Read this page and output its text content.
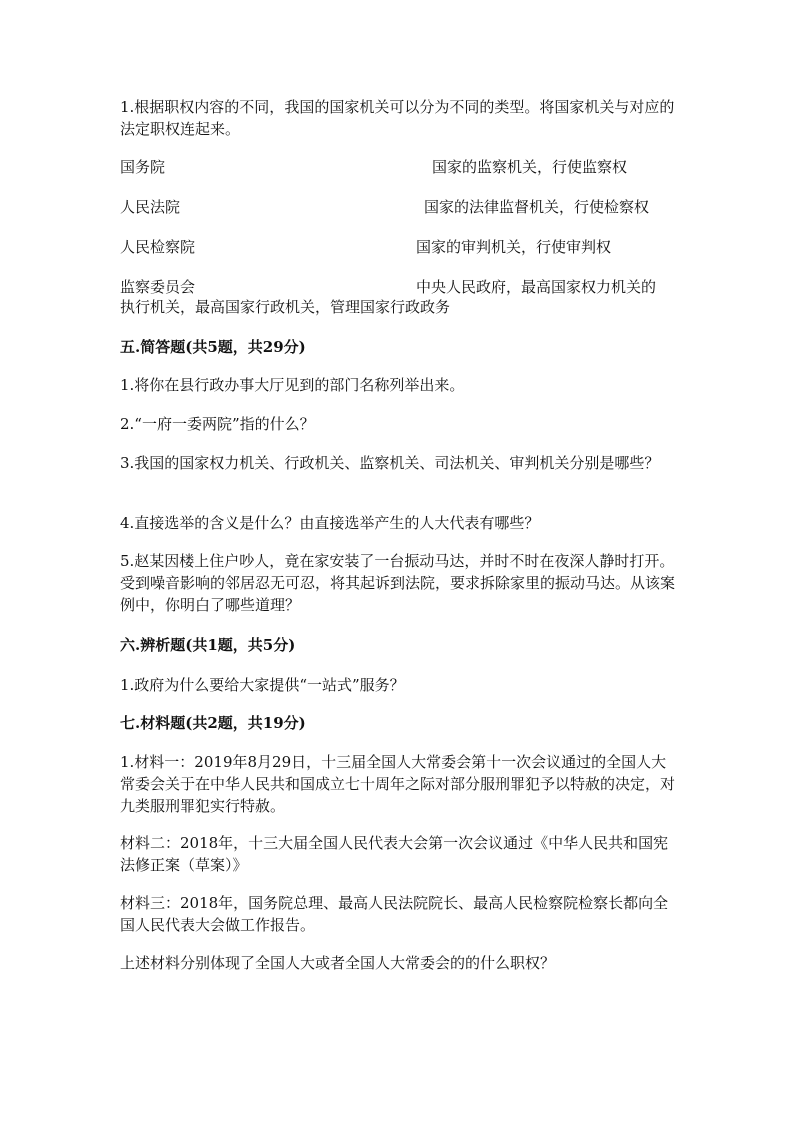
1.根据职权内容的不同，我国的国家机关可以分为不同的类型。将国家机关与对应的法定职权连起来。

国务院	国家的监察机关，行使监察权
人民法院	国家的法律监督机关，行使检察权
人民检察院	国家的审判机关，行使审判权
监察委员会	中央人民政府，最高国家权力机关的
执行机关，最高国家行政机关，管理国家行政政务
五.简答题(共5题，共29分)

1.将你在县行政办事大厅见到的部门名称列举出来。

2.“一府一委两院”指的什么？

3.我国的国家权力机关、行政机关、监察机关、司法机关、审判机关分别是哪些？

4.直接选举的含义是什么？由直接选举产生的人大代表有哪些？

5.赵某因楼上住户吵人，竟在家安装了一台振动马达，并时不时在夜深人静时打开。受到噪音影响的邻居忍无可忍，将其起诉到法院，要求拆除家里的振动马达。从该案例中，你明白了哪些道理？

六.辨析题(共1题，共5分)

1.政府为什么要给大家提供“一站式”服务？

七.材料题(共2题，共19分)

1.材料一：2019年8月29日，十三届全国人大常委会第十一次会议通过的全国人大常委会关于在中华人民共和国成立七十周年之际对部分服刑罪犯予以特赦的决定，对九类服刑罪犯实行特赦。

材料二：2018年，十三大届全国人民代表大会第一次会议通过《中华人民共和国宪法修正案（草案）》

材料三：2018年，国务院总理、最高人民法院院长、最高人民检察院检察长都向全国人民代表大会做工作报告。

上述材料分别体现了全国人大或者全国人大常委会的的什么职权？
